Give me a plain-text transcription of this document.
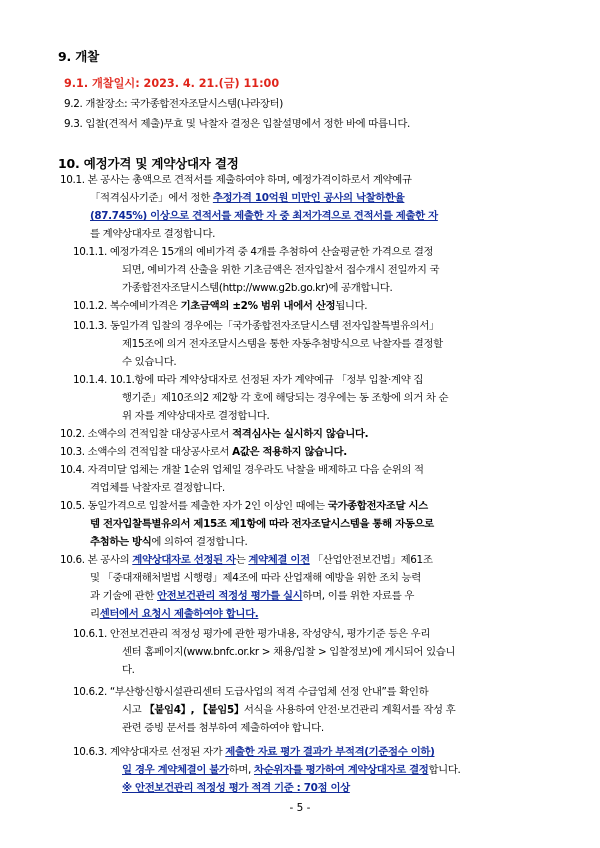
9. 개찰
9.1. 개찰일시: 2023. 4. 21.(금) 11:00
9.2. 개찰장소: 국가종합전자조달시스템(나라장터)
9.3. 입찰(견적서 제출)무효 및 낙찰자 결정은 입찰설명에서 정한 바에 따릅니다.
10. 예정가격 및 계약상대자 결정
10.1. 본 공사는 총액으로 견적서를 제출하여야 하며, 예정가격이하로서 계약예규
「적격심사기준」에서 정한 추정가격 10억원 미만인 공사의 낙찰하한율
(87.745%) 이상으로 견적서를 제출한 자 중 최저가격으로 견적서를 제출한 자
를 계약상대자로 결정합니다.
10.1.1. 예정가격은 15개의 예비가격 중 4개를 추첨하여 산술평균한 가격으로 결정
되면, 예비가격 산출을 위한 기초금액은 전자입찰서 접수개시 전일까지 국
가종합전자조달시스템(http://www.g2b.go.kr)에 공개합니다.
10.1.2. 복수예비가격은 기초금액의 ±2% 범위 내에서 산정됩니다.
10.1.3. 동일가격 입찰의 경우에는「국가종합전자조달시스템 전자입찰특별유의서」
제15조에 의거 전자조달시스템을 통한 자동추첨방식으로 낙찰자를 결정할
수 있습니다.
10.1.4. 10.1.항에 따라 계약상대자로 선정된 자가 계약예규 「정부 입찰·계약 집
행기준」제10조의2 제2항 각 호에 해당되는 경우에는 동 조항에 의거 차 순
위 자를 계약상대자로 결정합니다.
10.2. 소액수의 견적입찰 대상공사로서 적격심사는 실시하지 않습니다.
10.3. 소액수의 견적입찰 대상공사로서 A값은 적용하지 않습니다.
10.4. 자격미달 업체는 개찰 1순위 업체일 경우라도 낙찰을 배제하고 다음 순위의 적
격업체를 낙찰자로 결정합니다.
10.5. 동일가격으로 입찰서를 제출한 자가 2인 이상인 때에는 국가종합전자조달 시스
템 전자입찰특별유의서 제15조 제1항에 따라 전자조달시스템을 통해 자동으로
추첨하는 방식에 의하여 결정합니다.
10.6. 본 공사의 계약상대자로 선정된 자는 계약체결 이전 「산업안전보건법」제61조
및 「중대재해처벌법 시행령」제4조에 따라 산업재해 예방을 위한 조치 능력
과 기술에 관한 안전보건관리 적정성 평가를 실시하며, 이를 위한 자료를 우
리센터에서 요청시 제출하여야 합니다.
10.6.1. 안전보건관리 적정성 평가에 관한 평가내용, 작성양식, 평가기준 등은 우리
센터 홈페이지(www.bnfc.or.kr > 채용/입찰 > 입찰정보)에 게시되어 있습니
다.
10.6.2. “부산항신항시설관리센터 도급사업의 적격 수급업체 선정 안내”를 확인하
시고 【붙임4】, 【붙임5】서식을 사용하여 안전·보건관리 계획서를 작성 후
관련 증빙 문서를 첨부하여 제출하여야 합니다.
10.6.3. 계약상대자로 선정된 자가 제출한 자료 평가 결과가 부적격(기준점수 이하)
일 경우 계약체결이 불가하며, 차순위자를 평가하여 계약상대자로 결정합니다.
※ 안전보건관리 적정성 평가 적격 기준 : 70점 이상
- 5 -
